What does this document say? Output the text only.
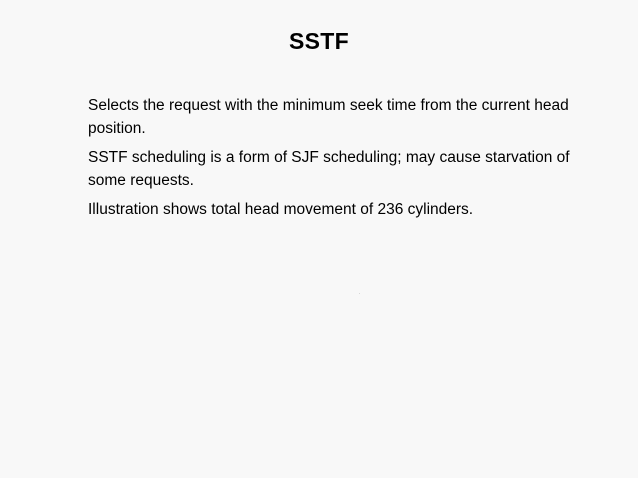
SSTF
Selects the request with the minimum seek time from the current head position.
SSTF scheduling is a form of SJF scheduling; may cause starvation of some requests.
Illustration shows total head movement of 236 cylinders.
